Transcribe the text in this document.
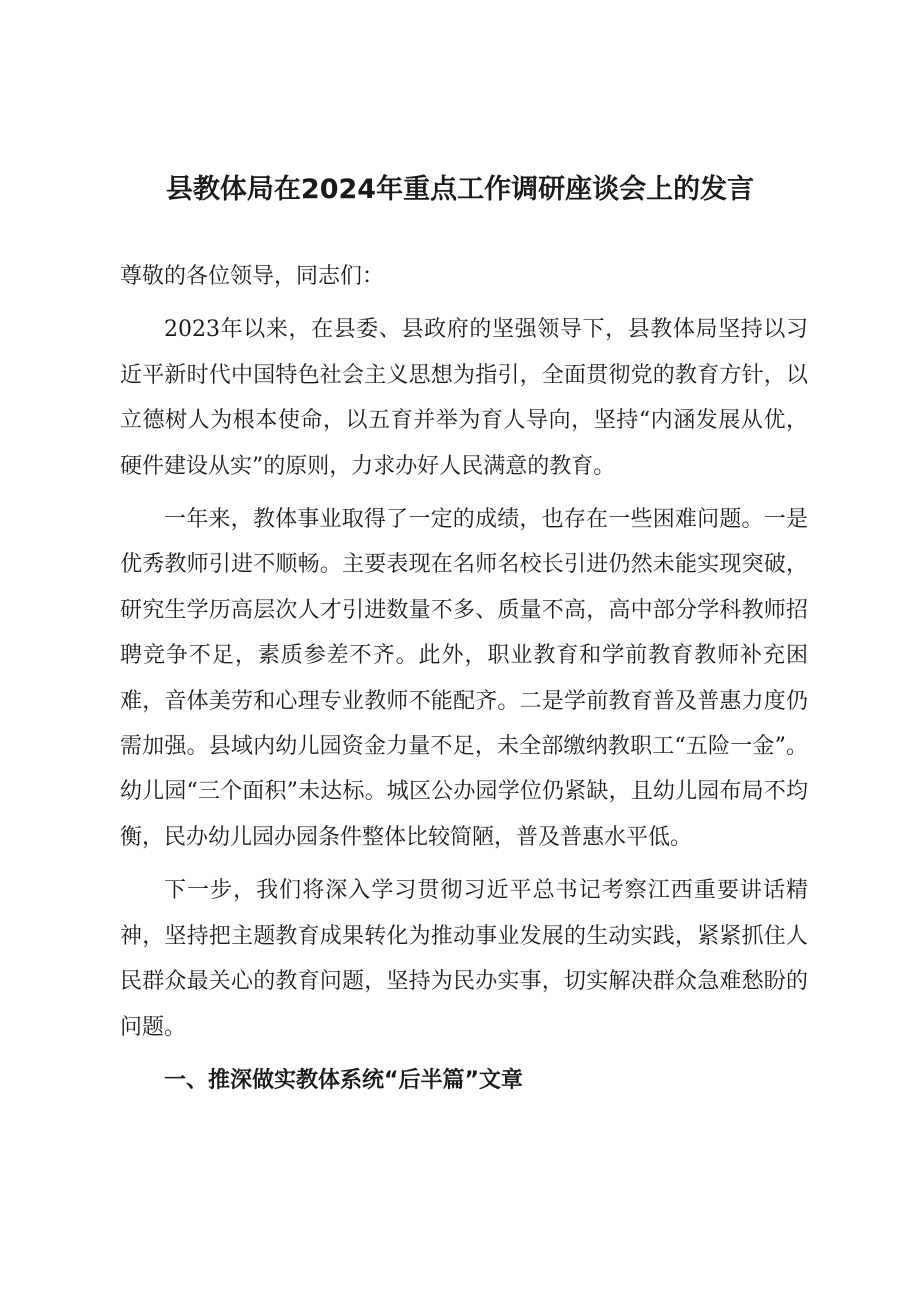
县教体局在2024年重点工作调研座谈会上的发言

尊敬的各位领导，同志们：

2023年以来，在县委、县政府的坚强领导下，县教体局坚持以习近平新时代中国特色社会主义思想为指引，全面贯彻党的教育方针，以立德树人为根本使命，以五育并举为育人导向，坚持“内涵发展从优，硬件建设从实”的原则，力求办好人民满意的教育。

一年来，教体事业取得了一定的成绩，也存在一些困难问题。一是优秀教师引进不顺畅。主要表现在名师名校长引进仍然未能实现突破，研究生学历高层次人才引进数量不多、质量不高，高中部分学科教师招聘竞争不足，素质参差不齐。此外，职业教育和学前教育教师补充困难，音体美劳和心理专业教师不能配齐。二是学前教育普及普惠力度仍需加强。县域内幼儿园资金力量不足，未全部缴纳教职工“五险一金”。幼儿园“三个面积”未达标。城区公办园学位仍紧缺，且幼儿园布局不均衡，民办幼儿园办园条件整体比较简陋，普及普惠水平低。

下一步，我们将深入学习贯彻习近平总书记考察江西重要讲话精神，坚持把主题教育成果转化为推动事业发展的生动实践，紧紧抓住人民群众最关心的教育问题，坚持为民办实事，切实解决群众急难愁盼的问题。

一、推深做实教体系统“后半篇”文章
